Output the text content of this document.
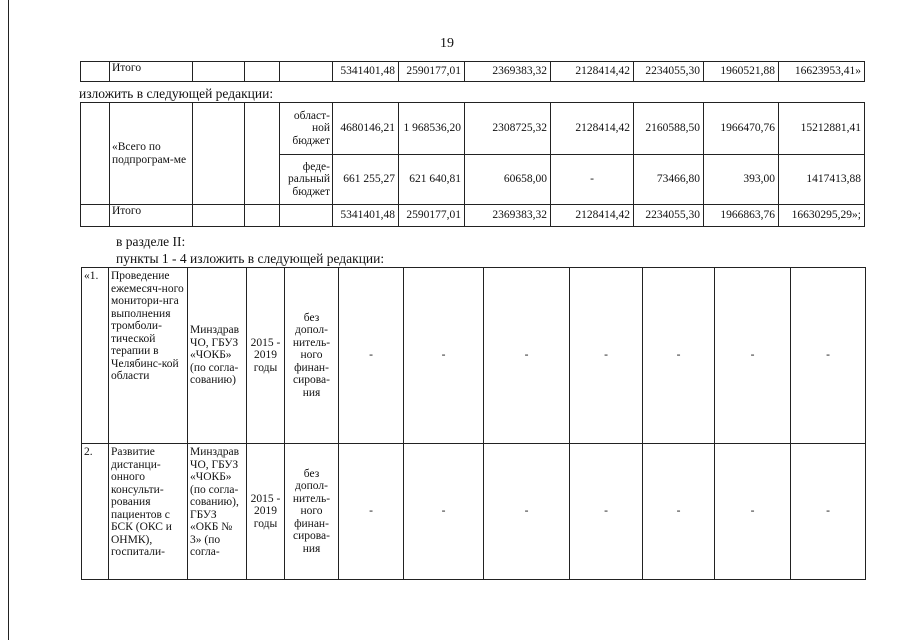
19
	Итого				5341401,48	2590177,01	2369383,32	2128414,42	2234055,30	1960521,88	16623953,41»
изложить в следующей редакции:
	«Всего по подпрограм-ме			област-ной бюджет	4680146,21	1 968536,20	2308725,32	2128414,42	2160588,50	1966470,76	15212881,41
				феде-ральный бюджет	661 255,27	621 640,81	60658,00	-	73466,80	393,00	1417413,88
	Итого				5341401,48	2590177,01	2369383,32	2128414,42	2234055,30	1966863,76	16630295,29»;
в разделе II:
пункты 1 - 4 изложить в следующей редакции:
«1.	Проведение ежемесяч-ного монитори-нга выполнения тромболи-тической терапии в Челябинс-кой области	Минздрав ЧО, ГБУЗ «ЧОКБ» (по согла-сованию)	2015 - 2019 годы	без допол-нитель-ного финан-сирова-ния	-	-	-	-	-	-	-
2.	Развитие дистанци-онного консульти-рования пациентов с БСК (ОКС и ОНМК), госпитали-	Минздрав ЧО, ГБУЗ «ЧОКБ» (по согла-сованию), ГБУЗ «ОКБ № 3» (по согла-	2015 - 2019 годы	без допол-нитель-ного финан-сирова-ния	-	-	-	-	-	-	-
